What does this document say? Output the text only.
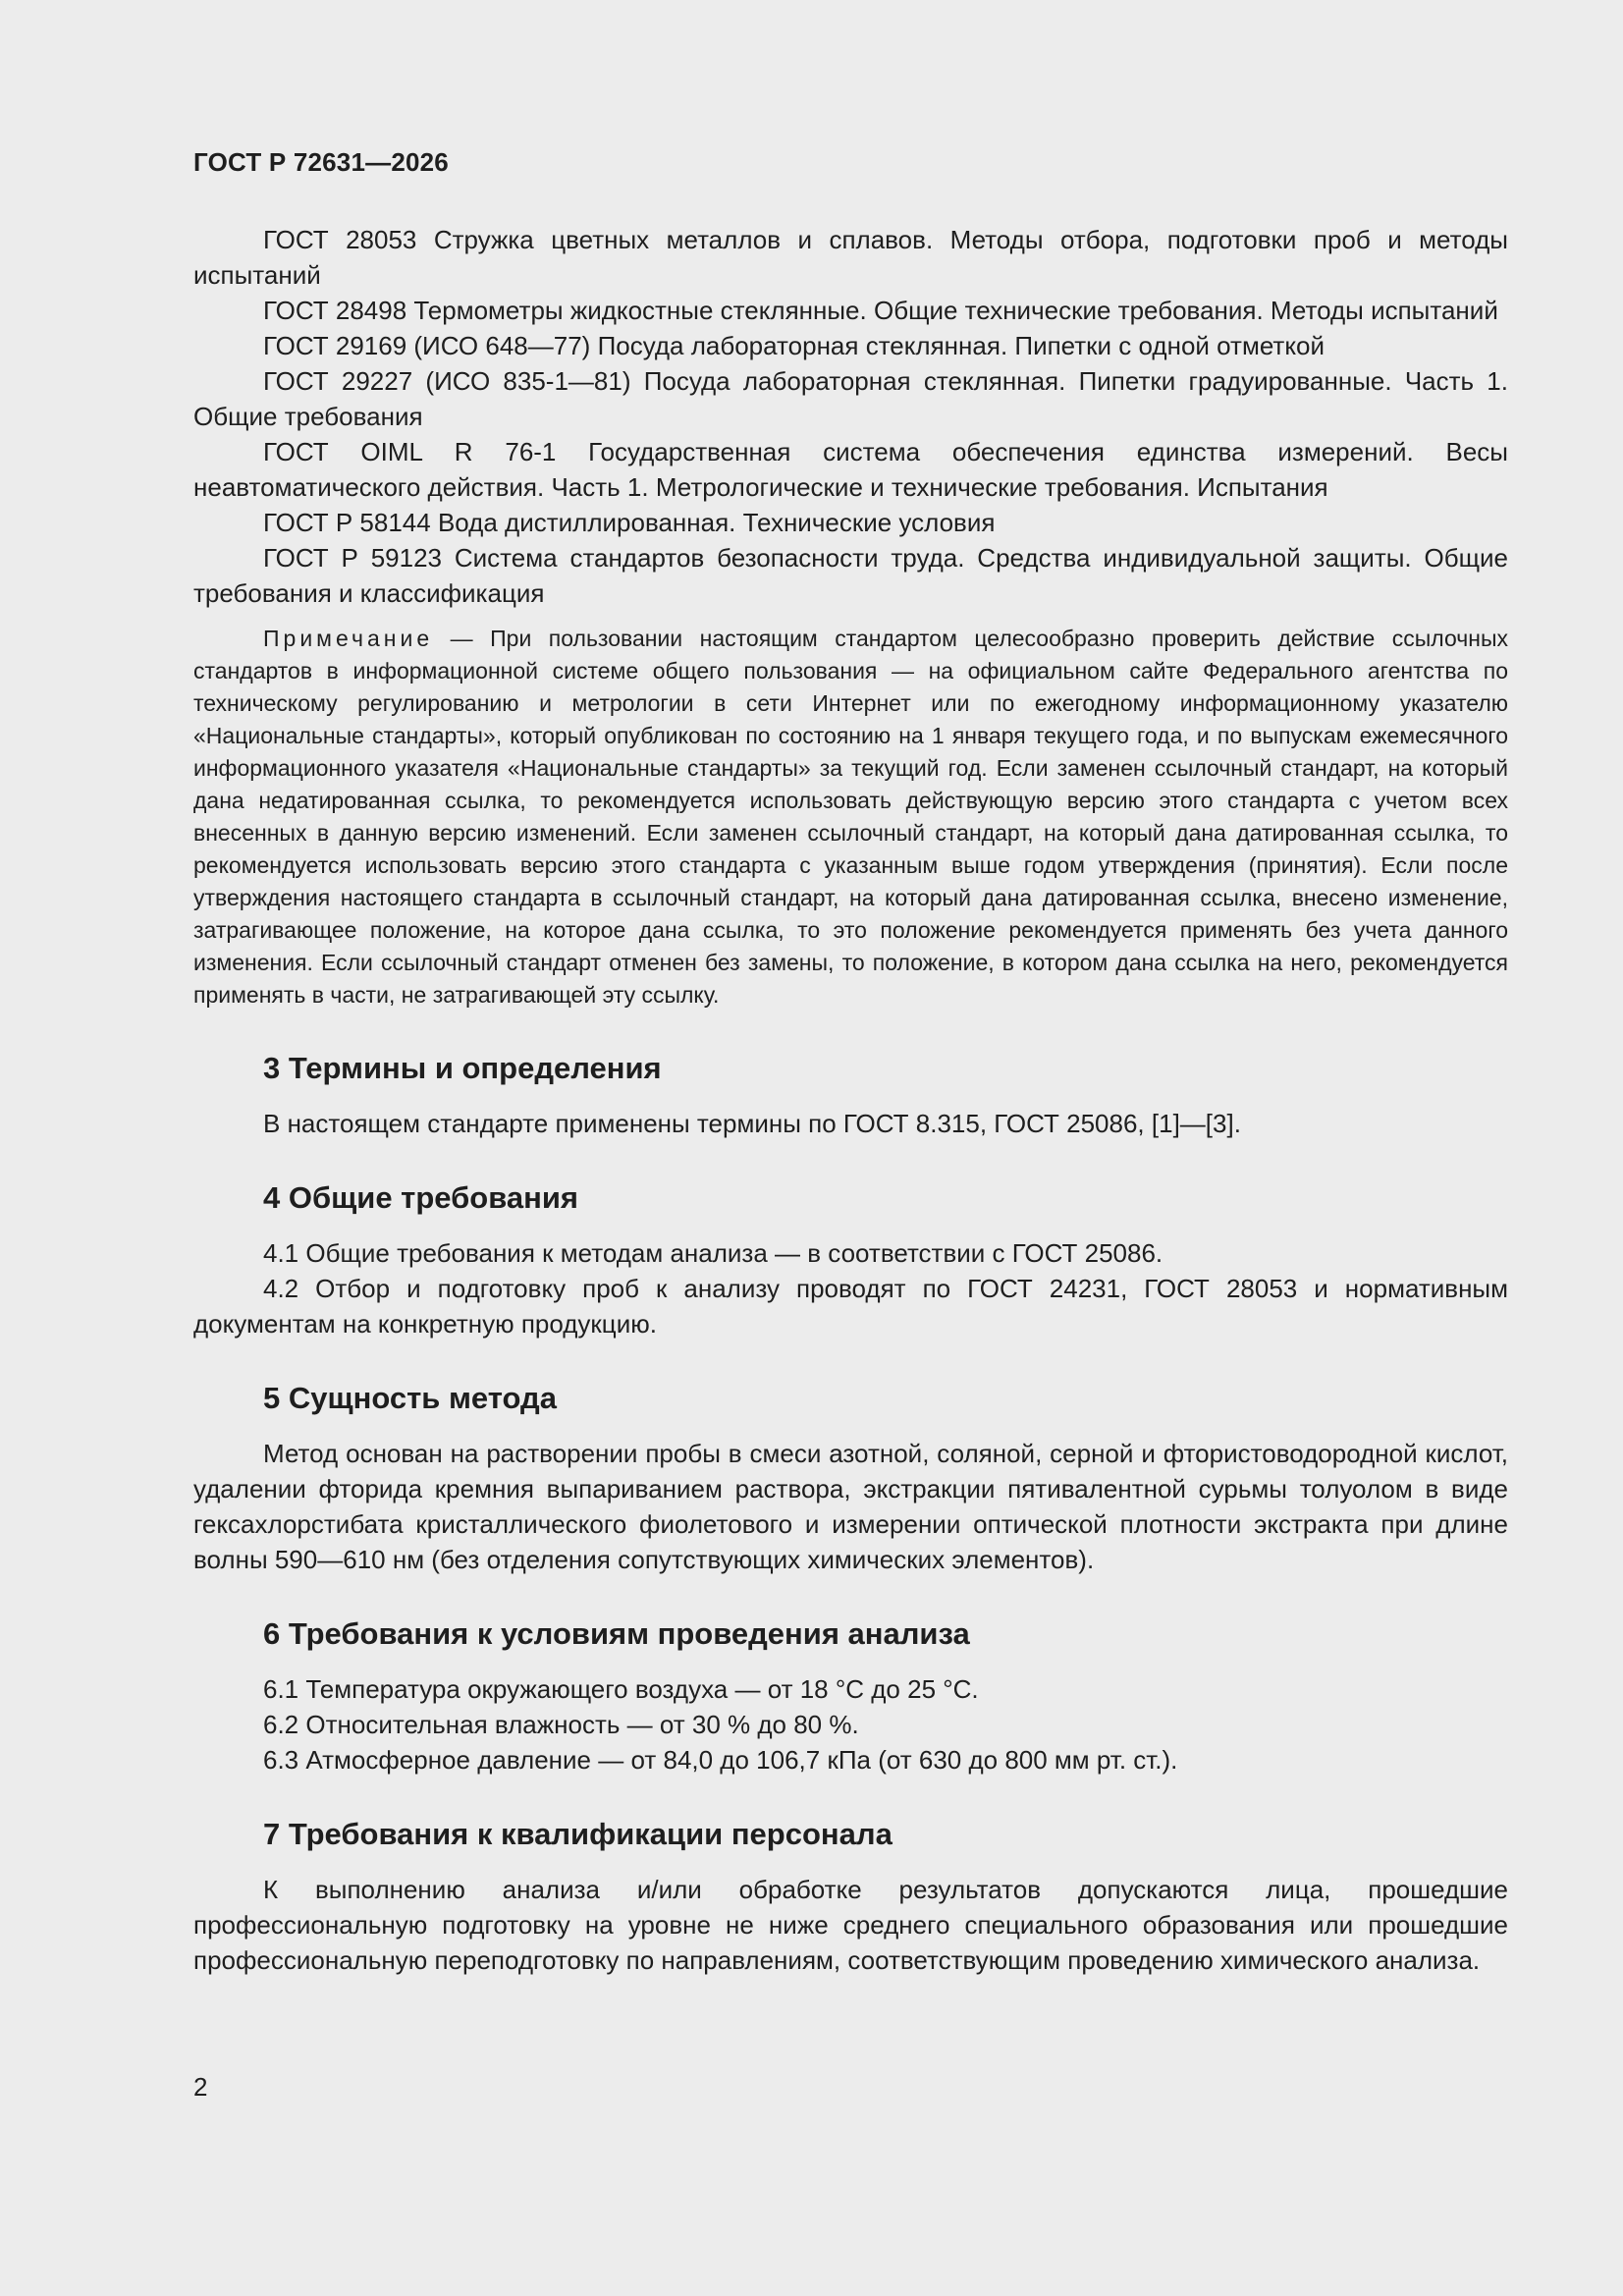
ГОСТ Р 72631—2026

ГОСТ 28053 Стружка цветных металлов и сплавов. Методы отбора, подготовки проб и методы испытаний

ГОСТ 28498 Термометры жидкостные стеклянные. Общие технические требования. Методы испытаний

ГОСТ 29169 (ИСО 648—77) Посуда лабораторная стеклянная. Пипетки с одной отметкой

ГОСТ 29227 (ИСО 835-1—81) Посуда лабораторная стеклянная. Пипетки градуированные. Часть 1. Общие требования

ГОСТ OIML R 76-1 Государственная система обеспечения единства измерений. Весы неавтоматического действия. Часть 1. Метрологические и технические требования. Испытания

ГОСТ Р 58144 Вода дистиллированная. Технические условия

ГОСТ Р 59123 Система стандартов безопасности труда. Средства индивидуальной защиты. Общие требования и классификация

Примечание — При пользовании настоящим стандартом целесообразно проверить действие ссылочных стандартов в информационной системе общего пользования — на официальном сайте Федерального агентства по техническому регулированию и метрологии в сети Интернет или по ежегодному информационному указателю «Национальные стандарты», который опубликован по состоянию на 1 января текущего года, и по выпускам ежемесячного информационного указателя «Национальные стандарты» за текущий год. Если заменен ссылочный стандарт, на который дана недатированная ссылка, то рекомендуется использовать действующую версию этого стандарта с учетом всех внесенных в данную версию изменений. Если заменен ссылочный стандарт, на который дана датированная ссылка, то рекомендуется использовать версию этого стандарта с указанным выше годом утверждения (принятия). Если после утверждения настоящего стандарта в ссылочный стандарт, на который дана датированная ссылка, внесено изменение, затрагивающее положение, на которое дана ссылка, то это положение рекомендуется применять без учета данного изменения. Если ссылочный стандарт отменен без замены, то положение, в котором дана ссылка на него, рекомендуется применять в части, не затрагивающей эту ссылку.
3 Термины и определения

В настоящем стандарте применены термины по ГОСТ 8.315, ГОСТ 25086, [1]—[3].

4 Общие требования

4.1 Общие требования к методам анализа — в соответствии с ГОСТ 25086.

4.2 Отбор и подготовку проб к анализу проводят по ГОСТ 24231, ГОСТ 28053 и нормативным документам на конкретную продукцию.

5 Сущность метода

Метод основан на растворении пробы в смеси азотной, соляной, серной и фтористоводородной кислот, удалении фторида кремния выпариванием раствора, экстракции пятивалентной сурьмы толуолом в виде гексахлорстибата кристаллического фиолетового и измерении оптической плотности экстракта при длине волны 590—610 нм (без отделения сопутствующих химических элементов).

6 Требования к условиям проведения анализа

6.1 Температура окружающего воздуха — от 18 °С до 25 °С.

6.2 Относительная влажность — от 30 % до 80 %.

6.3 Атмосферное давление — от 84,0 до 106,7 кПа (от 630 до 800 мм рт. ст.).

7 Требования к квалификации персонала

К выполнению анализа и/или обработке результатов допускаются лица, прошедшие профессиональную подготовку на уровне не ниже среднего специального образования или прошедшие профессиональную переподготовку по направлениям, соответствующим проведению химического анализа.

2
